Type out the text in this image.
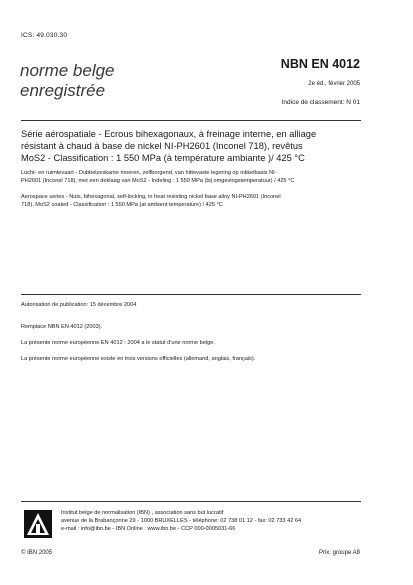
ICS: 49.030.30
norme belge
enregistrée
NBN EN 4012
2e éd., février 2005
Indice de classement: N 01
Série aérospatiale - Ecrous bihexagonaux, à freinage interne, en alliage
résistant à chaud à base de nickel NI-PH2601 (Inconel 718), revêtus
MoS2 - Classification : 1 550 MPa (à température ambiante )/ 425 °C
Lucht- en ruimtevaart - Dubbelzeskante moeren, zelfborgend, van hittevaste legering op nikkelbasis NI-
PH2601 (Inconel 718), met een deklaag van MoS2 - Indeling : 1 550 MPa (bij omgevingstemperatuur) / 425 °C
Aerospace series - Nuts, bihexagonal, self-locking, in heat resisting nickel base alloy NI-PH2601 (Inconel
718), MoS2 coated - Classification : 1 550 MPa (at ambient temperature) / 425 °C
Autorisation de publication: 15 décembre 2004
Remplace NBN EN 4012 (2003).
La présente norme européenne EN 4012 : 2004 a le statut d'une norme belge.
La présente norme européenne existe en trois versions officielles (allemand, anglais, français).
Institut belge de normalisation (IBN) , association sans but lucratif
avenue de la Brabançonne 29 - 1000 BRUXELLES - téléphone: 02 738 01 12 - fax: 02 733 42 64
e-mail : info@ibn.be - IBN Online : www.ibn.be - CCP 000-0005031-66
© IBN 2005	Prix: groupe A8
